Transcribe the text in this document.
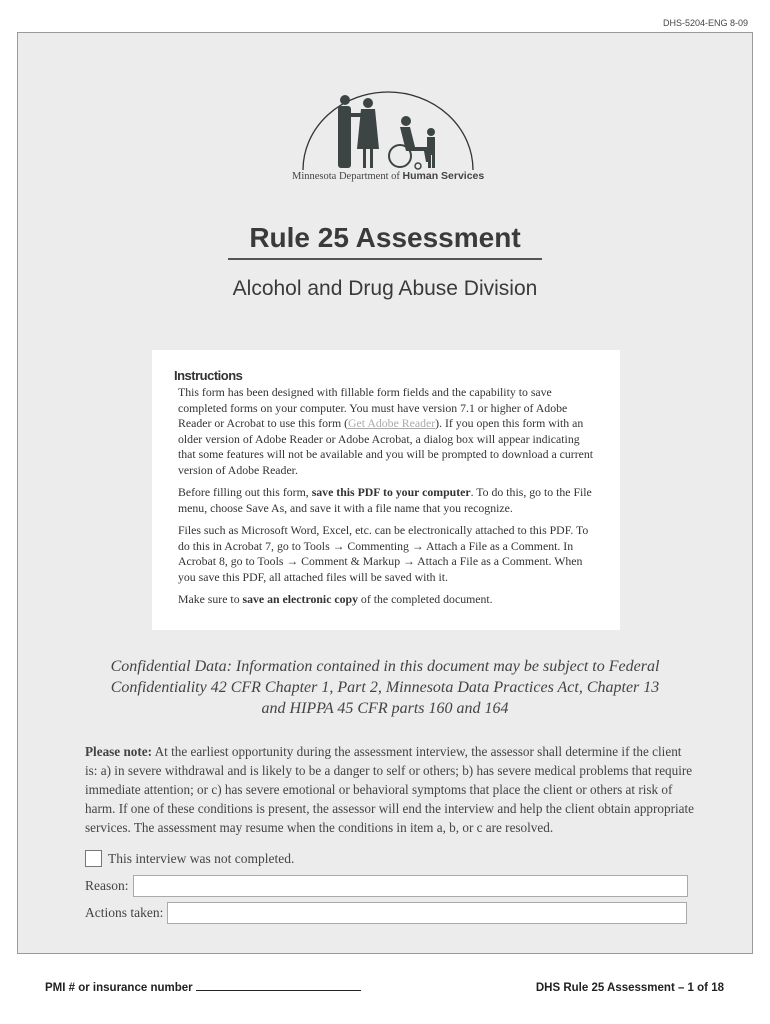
DHS-5204-ENG 8-09
Minnesota Department of Human Services
Rule 25 Assessment
Alcohol and Drug Abuse Division
Instructions

This form has been designed with fillable form fields and the capability to save completed forms on your computer. You must have version 7.1 or higher of Adobe Reader or Acrobat to use this form (Get Adobe Reader). If you open this form with an older version of Adobe Reader or Adobe Acrobat, a dialog box will appear indicating that some features will not be available and you will be prompted to download a current version of Adobe Reader.

Before filling out this form, save this PDF to your computer. To do this, go to the File menu, choose Save As, and save it with a file name that you recognize.

Files such as Microsoft Word, Excel, etc. can be electronically attached to this PDF. To do this in Acrobat 7, go to Tools → Commenting → Attach a File as a Comment. In Acrobat 8, go to Tools → Comment & Markup → Attach a File as a Comment. When you save this PDF, all attached files will be saved with it.

Make sure to save an electronic copy of the completed document.

Confidential Data: Information contained in this document may be subject to Federal Confidentiality 42 CFR Chapter 1, Part 2, Minnesota Data Practices Act, Chapter 13 and HIPPA 45 CFR parts 160 and 164
Please note: At the earliest opportunity during the assessment interview, the assessor shall determine if the client is: a) in severe withdrawal and is likely to be a danger to self or others; b) has severe medical problems that require immediate attention; or c) has severe emotional or behavioral symptoms that place the client or others at risk of harm. If one of these conditions is present, the assessor will end the interview and help the client obtain appropriate services. The assessment may resume when the conditions in item a, b, or c are resolved.
This interview was not completed.
Reason:
Actions taken:
PMI # or insurance number	DHS Rule 25 Assessment – 1 of 18
